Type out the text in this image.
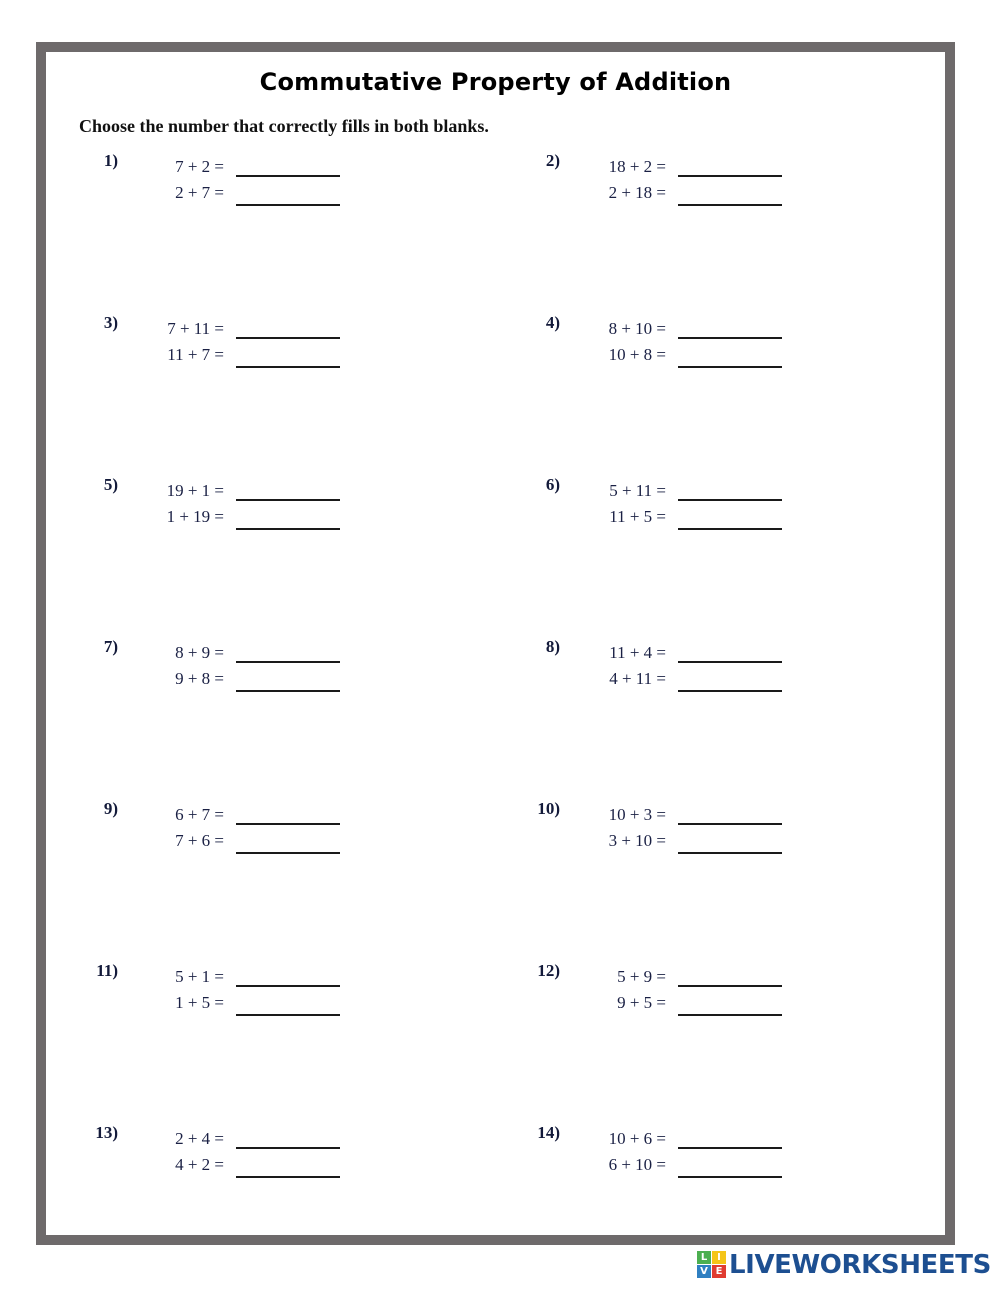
Commutative Property of Addition
Choose the number that correctly fills in both blanks.
1)	7 + 2 =
2 + 7 =
2)	18 + 2 =
2 + 18 =
3)	7 + 11 =
11 + 7 =
4)	8 + 10 =
10 + 8 =
5)	19 + 1 =
1 + 19 =
6)	5 + 11 =
11 + 5 =
7)	8 + 9 =
9 + 8 =
8)	11 + 4 =
4 + 11 =
9)	6 + 7 =
7 + 6 =
10)	10 + 3 =
3 + 10 =
11)	5 + 1 =
1 + 5 =
12)	5 + 9 =
9 + 5 =
13)	2 + 4 =
4 + 2 =
14)	10 + 6 =
6 + 10 =
L I
V E LIVEWORKSHEETS
